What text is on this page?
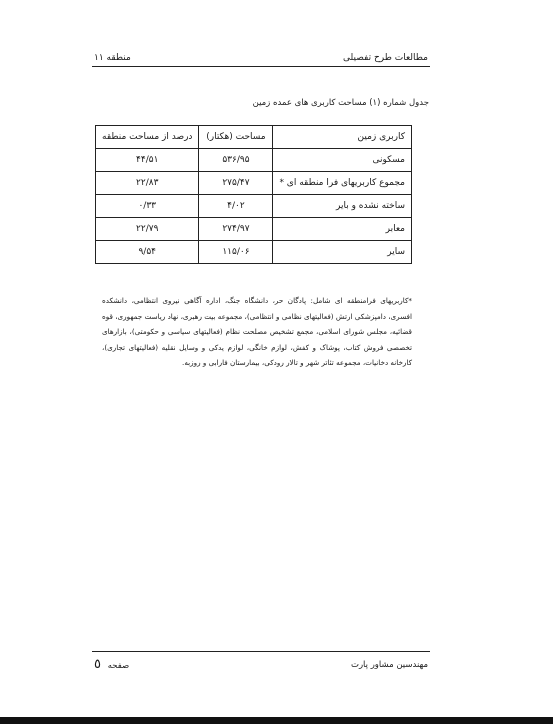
مطالعات طرح تفصیلی
منطقه ۱۱
جدول شماره (۱) مساحت کاربری های عمده زمین
کاربری زمین	مساحت (هکتار)	درصد از مساحت منطقه
مسکونی	۵۳۶/۹۵	۴۴/۵۱
مجموع کاربریهای فرا منطقه ای *	۲۷۵/۴۷	۲۲/۸۳
ساخته نشده و بایر	۴/۰۲	۰/۳۳
معابر	۲۷۴/۹۷	۲۲/۷۹
سایر	۱۱۵/۰۶	۹/۵۴
*کاربریهای فرامنطقه ای شامل: پادگان حر، دانشگاه جنگ، اداره آگاهی نیروی انتظامی، دانشکده افسری، دامپزشکی ارتش (فعالیتهای نظامی و انتظامی)، مجموعه بیت رهبری، نهاد ریاست جمهوری، قوه قضائیه، مجلس شورای اسلامی، مجمع تشخیص مصلحت نظام (فعالیتهای سیاسی و حکومتی)، بازارهای تخصصی فروش کتاب، پوشاک و کفش، لوازم خانگی، لوازم یدکی و وسایل نقلیه (فعالیتهای تجاری)، کارخانه دخانیات، مجموعه تئاتر شهر و تالار رودکی، بیمارستان فارابی و روزبه.
مهندسین مشاور پارت
صفحه ٥
